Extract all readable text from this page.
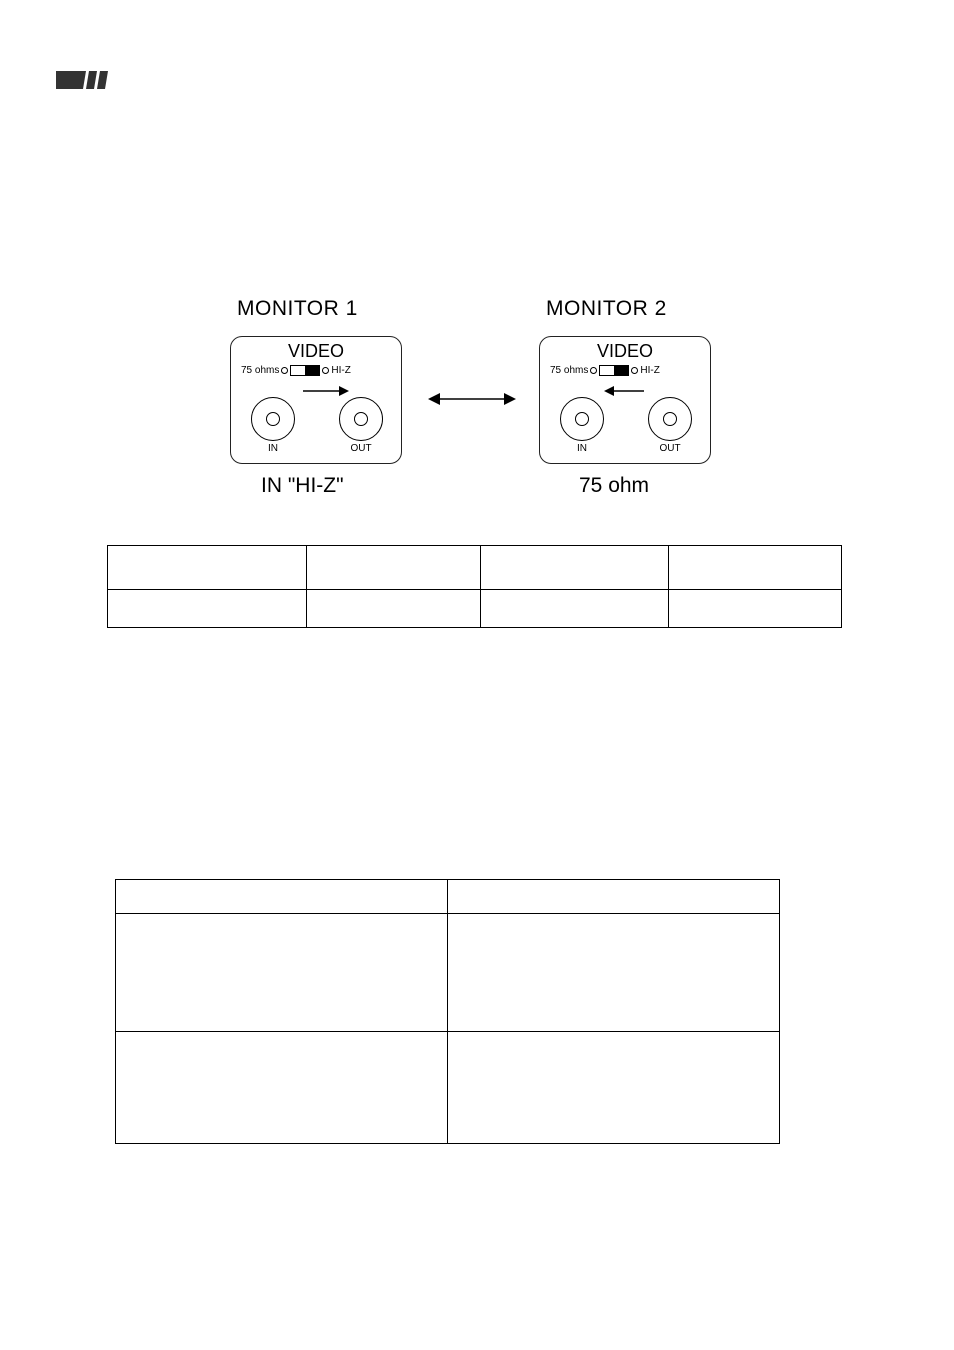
MONITOR 1
VIDEO
75 ohms	HI-Z
IN	OUT
IN "HI-Z"
MONITOR 2
VIDEO
75 ohms	HI-Z
IN	OUT
75 ohm
